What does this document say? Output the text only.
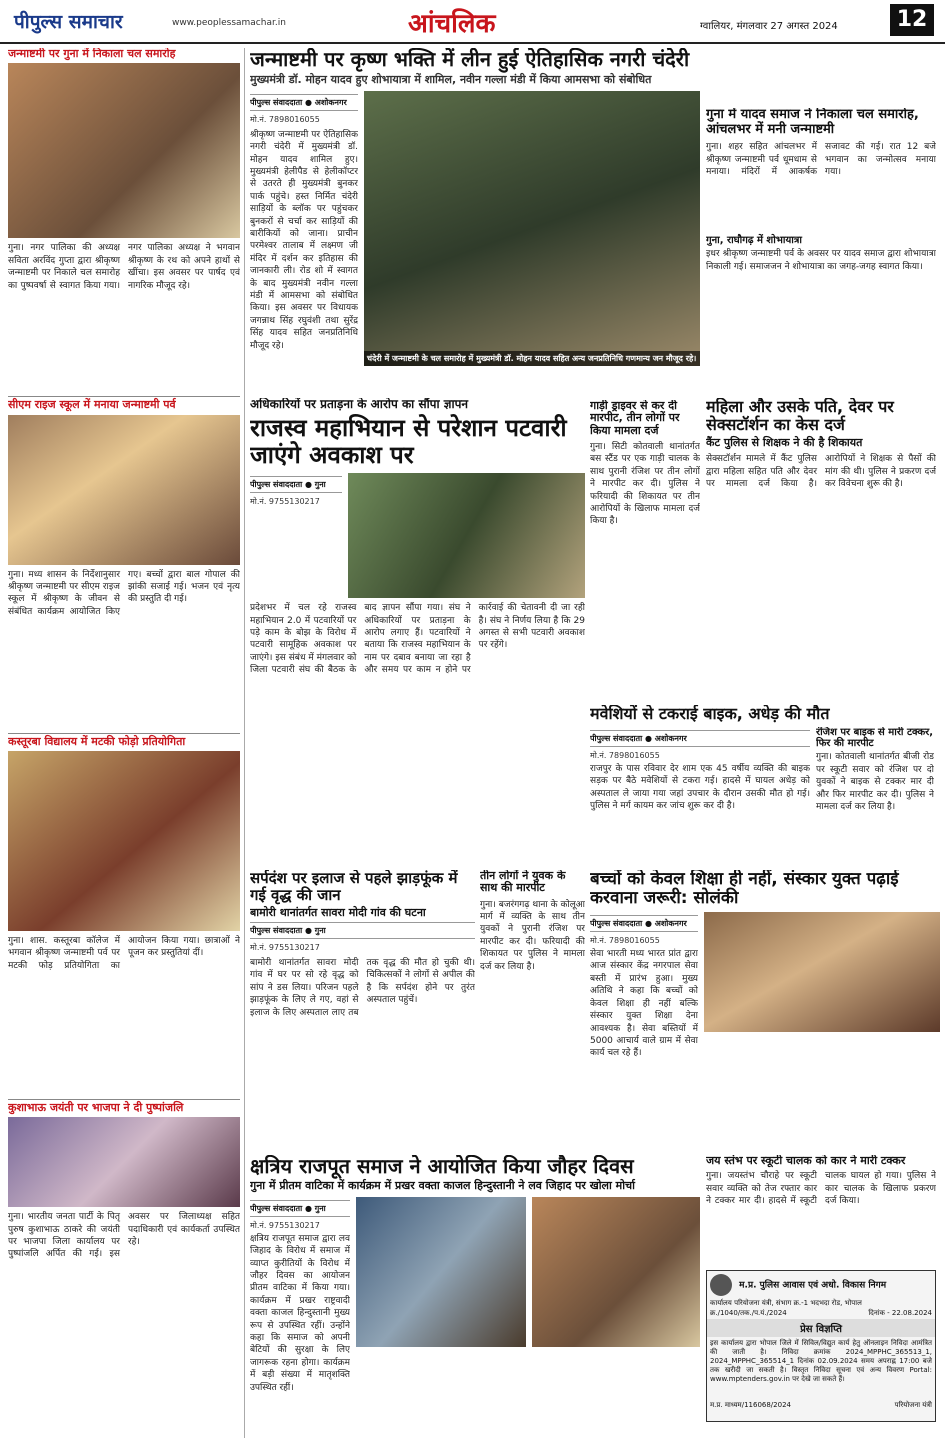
पीपुल्स समाचार	www.peoplessamachar.in	आंचलिक	ग्वालियर, मंगलवार 27 अगस्त 2024	12
जन्माष्टमी पर गुना में निकाला चल समारोह
गुना। नगर पालिका की अध्यक्ष सविता अरविंद गुप्ता द्वारा श्रीकृष्ण जन्माष्टमी पर निकाले चल समारोह का पुष्पवर्षा से स्वागत किया गया। नगर पालिका अध्यक्ष ने भगवान श्रीकृष्ण के रथ को अपने हाथों से खींचा। इस अवसर पर पार्षद एवं नागरिक मौजूद रहे।
सीएम राइज स्कूल में मनाया जन्माष्टमी पर्व
गुना। मध्य शासन के निर्देशानुसार श्रीकृष्ण जन्माष्टमी पर सीएम राइज स्कूल में श्रीकृष्ण के जीवन से संबंधित कार्यक्रम आयोजित किए गए। बच्चों द्वारा बाल गोपाल की झांकी सजाई गई। भजन एवं नृत्य की प्रस्तुति दी गई।
कस्तूरबा विद्यालय में मटकी फोड़ो प्रतियोगिता
गुना। शास. कस्तूरबा कॉलेज में भगवान श्रीकृष्ण जन्माष्टमी पर्व पर मटकी फोड़ प्रतियोगिता का आयोजन किया गया। छात्राओं ने पूजन कर प्रस्तुतियां दीं।
कुशाभाऊ जयंती पर भाजपा ने दी पुष्पांजलि
गुना। भारतीय जनता पार्टी के पितृ पुरुष कुशाभाऊ ठाकरे की जयंती पर भाजपा जिला कार्यालय पर पुष्पांजलि अर्पित की गई। इस अवसर पर जिलाध्यक्ष सहित पदाधिकारी एवं कार्यकर्ता उपस्थित रहे।
जन्माष्टमी पर कृष्ण भक्ति में लीन हुई ऐतिहासिक नगरी चंदेरी
मुख्यमंत्री डॉ. मोहन यादव हुए शोभायात्रा में शामिल, नवीन गल्ला मंडी में किया आमसभा को संबोधित
पीपुल्स संवाददाता ● अशोकनगर
मो.नं. 7898016055
श्रीकृष्ण जन्माष्टमी पर ऐतिहासिक नगरी चंदेरी में मुख्यमंत्री डॉ. मोहन यादव शामिल हुए। मुख्यमंत्री हेलीपैड से हेलीकॉप्टर से उतरते ही मुख्यमंत्री बुनकर पार्क पहुंचे। हस्त निर्मित चंदेरी साड़ियों के ब्लॉक पर पहुंचकर बुनकरों से चर्चा कर साड़ियों की बारीकियों को जाना। प्राचीन परमेश्वर तालाब में लक्ष्मण जी मंदिर में दर्शन कर इतिहास की जानकारी ली। रोड शो में स्वागत के बाद मुख्यमंत्री नवीन गल्ला मंडी में आमसभा को संबोधित किया। इस अवसर पर विधायक जगन्नाथ सिंह रघुवंशी तथा सुरेंद्र सिंह यादव सहित जनप्रतिनिधि मौजूद रहे।
चंदेरी में जन्माष्टमी के चल समारोह में मुख्यमंत्री डॉ. मोहन यादव सहित अन्य जनप्रतिनिधि गणमान्य जन मौजूद रहे।
गुना में यादव समाज ने निकाला चल समारोह, आंचलभर में मनी जन्माष्टमी
गुना। शहर सहित आंचलभर में श्रीकृष्ण जन्माष्टमी पर्व धूमधाम से मनाया। मंदिरों में आकर्षक सजावट की गई। रात 12 बजे भगवान का जन्मोत्सव मनाया गया।
गुना, राघौगढ़ में शोभायात्रा
इधर श्रीकृष्ण जन्माष्टमी पर्व के अवसर पर यादव समाज द्वारा शोभायात्रा निकाली गई। समाजजन ने शोभायात्रा का जगह-जगह स्वागत किया।
अधिकारियों पर प्रताड़ना के आरोप का सौंपा ज्ञापन
राजस्व महाभियान से परेशान पटवारी जाएंगे अवकाश पर
पीपुल्स संवाददाता ● गुना
मो.नं. 9755130217
प्रदेशभर में चल रहे राजस्व महाभियान 2.0 में पटवारियों पर पड़े काम के बोझ के विरोध में पटवारी सामूहिक अवकाश पर जाएंगे। इस संबंध में मंगलवार को जिला पटवारी संघ की बैठक के बाद ज्ञापन सौंपा गया। संघ ने अधिकारियों पर प्रताड़ना के आरोप लगाए हैं। पटवारियों ने बताया कि राजस्व महाभियान के नाम पर दबाव बनाया जा रहा है और समय पर काम न होने पर कार्रवाई की चेतावनी दी जा रही है। संघ ने निर्णय लिया है कि 29 अगस्त से सभी पटवारी अवकाश पर रहेंगे।
गाड़ी ड्राइवर से कर दी मारपीट, तीन लोगों पर किया मामला दर्ज
गुना। सिटी कोतवाली थानांतर्गत बस स्टैंड पर एक गाड़ी चालक के साथ पुरानी रंजिश पर तीन लोगों ने मारपीट कर दी। पुलिस ने फरियादी की शिकायत पर तीन आरोपियों के खिलाफ मामला दर्ज किया है।
महिला और उसके पति, देवर पर सेक्सटॉर्शन का केस दर्ज
कैंट पुलिस से शिक्षक ने की है शिकायत
सेक्सटॉर्शन मामले में कैंट पुलिस द्वारा महिला सहित पति और देवर पर मामला दर्ज किया है। आरोपियों ने शिक्षक से पैसों की मांग की थी। पुलिस ने प्रकरण दर्ज कर विवेचना शुरू की है।
मवेशियों से टकराई बाइक, अधेड़ की मौत
पीपुल्स संवाददाता ● अशोकनगर
मो.नं. 7898016055
राजपुर के पास रविवार देर शाम एक 45 वर्षीय व्यक्ति की बाइक सड़क पर बैठे मवेशियों से टकरा गई। हादसे में घायल अधेड़ को अस्पताल ले जाया गया जहां उपचार के दौरान उसकी मौत हो गई। पुलिस ने मर्ग कायम कर जांच शुरू कर दी है।
रंजिश पर बाइक से मारी टक्कर, फिर की मारपीट
गुना। कोतवाली थानांतर्गत बीजी रोड पर स्कूटी सवार को रंजिश पर दो युवकों ने बाइक से टक्कर मार दी और फिर मारपीट कर दी। पुलिस ने मामला दर्ज कर लिया है।
सर्पदंश पर इलाज से पहले झाड़फूंक में गई वृद्ध की जान
बामोरी थानांतर्गत सावरा मोदी गांव की घटना
पीपुल्स संवाददाता ● गुना
मो.नं. 9755130217
बामोरी थानांतर्गत सावरा मोदी गांव में घर पर सो रहे वृद्ध को सांप ने डस लिया। परिजन पहले झाड़फूंक के लिए ले गए, वहां से इलाज के लिए अस्पताल लाए तब तक वृद्ध की मौत हो चुकी थी। चिकित्सकों ने लोगों से अपील की है कि सर्पदंश होने पर तुरंत अस्पताल पहुंचें।
तीन लोगों ने युवक के साथ की मारपीट
गुना। बजरंगगढ़ थाना के कोलूआ मार्ग में व्यक्ति के साथ तीन युवकों ने पुरानी रंजिश पर मारपीट कर दी। फरियादी की शिकायत पर पुलिस ने मामला दर्ज कर लिया है।
बच्चों को केवल शिक्षा ही नहीं, संस्कार युक्त पढ़ाई करवाना जरूरी: सोलंकी
पीपुल्स संवाददाता ● अशोकनगर
मो.नं. 7898016055
सेवा भारती मध्य भारत प्रांत द्वारा आज संस्कार केंद्र नगरपाल सेवा बस्ती में प्रारंभ हुआ। मुख्य अतिथि ने कहा कि बच्चों को केवल शिक्षा ही नहीं बल्कि संस्कार युक्त शिक्षा देना आवश्यक है। सेवा बस्तियों में 5000 आचार्य वाले ग्राम में सेवा कार्य चल रहे हैं।
क्षत्रिय राजपूत समाज ने आयोजित किया जौहर दिवस
गुना में प्रीतम वाटिका में कार्यक्रम में प्रखर वक्ता काजल हिन्दुस्तानी ने लव जिहाद पर खोला मोर्चा
पीपुल्स संवाददाता ● गुना
मो.नं. 9755130217
क्षत्रिय राजपूत समाज द्वारा लव जिहाद के विरोध में समाज में व्याप्त कुरीतियों के विरोध में जौहर दिवस का आयोजन प्रीतम वाटिका में किया गया। कार्यक्रम में प्रखर राष्ट्रवादी वक्ता काजल हिन्दुस्तानी मुख्य रूप से उपस्थित रहीं। उन्होंने कहा कि समाज को अपनी बेटियों की सुरक्षा के लिए जागरूक रहना होगा। कार्यक्रम में बड़ी संख्या में मातृशक्ति उपस्थित रहीं।
जय स्तंभ पर स्कूटी चालक को कार ने मारी टक्कर
गुना। जयस्तंभ चौराहे पर स्कूटी सवार व्यक्ति को तेज रफ्तार कार ने टक्कर मार दी। हादसे में स्कूटी चालक घायल हो गया। पुलिस ने कार चालक के खिलाफ प्रकरण दर्ज किया।
म.प्र. पुलिस आवास एवं अधो. विकास निगम
कार्यालय परियोजना यंत्री, संभाग क्र.-1 भदभदा रोड, भोपाल
क्र./1040/तक./प.यं./2024	दिनांक - 22.08.2024
प्रेस विज्ञप्ति
इस कार्यालय द्वारा भोपाल जिले में सिविल/विद्युत कार्य हेतु ऑनलाइन निविदा आमंत्रित की जाती है। निविदा क्रमांक 2024_MPPHC_365513_1, 2024_MPPHC_365514_1 दिनांक 02.09.2024 समय अपराह्न 17:00 बजे तक खरीदी जा सकती है। विस्तृत निविदा सूचना एवं अन्य विवरण Portal: www.mptenders.gov.in पर देखे जा सकते हैं।
म.प्र. माध्यम/116068/2024	परियोजना यंत्री
